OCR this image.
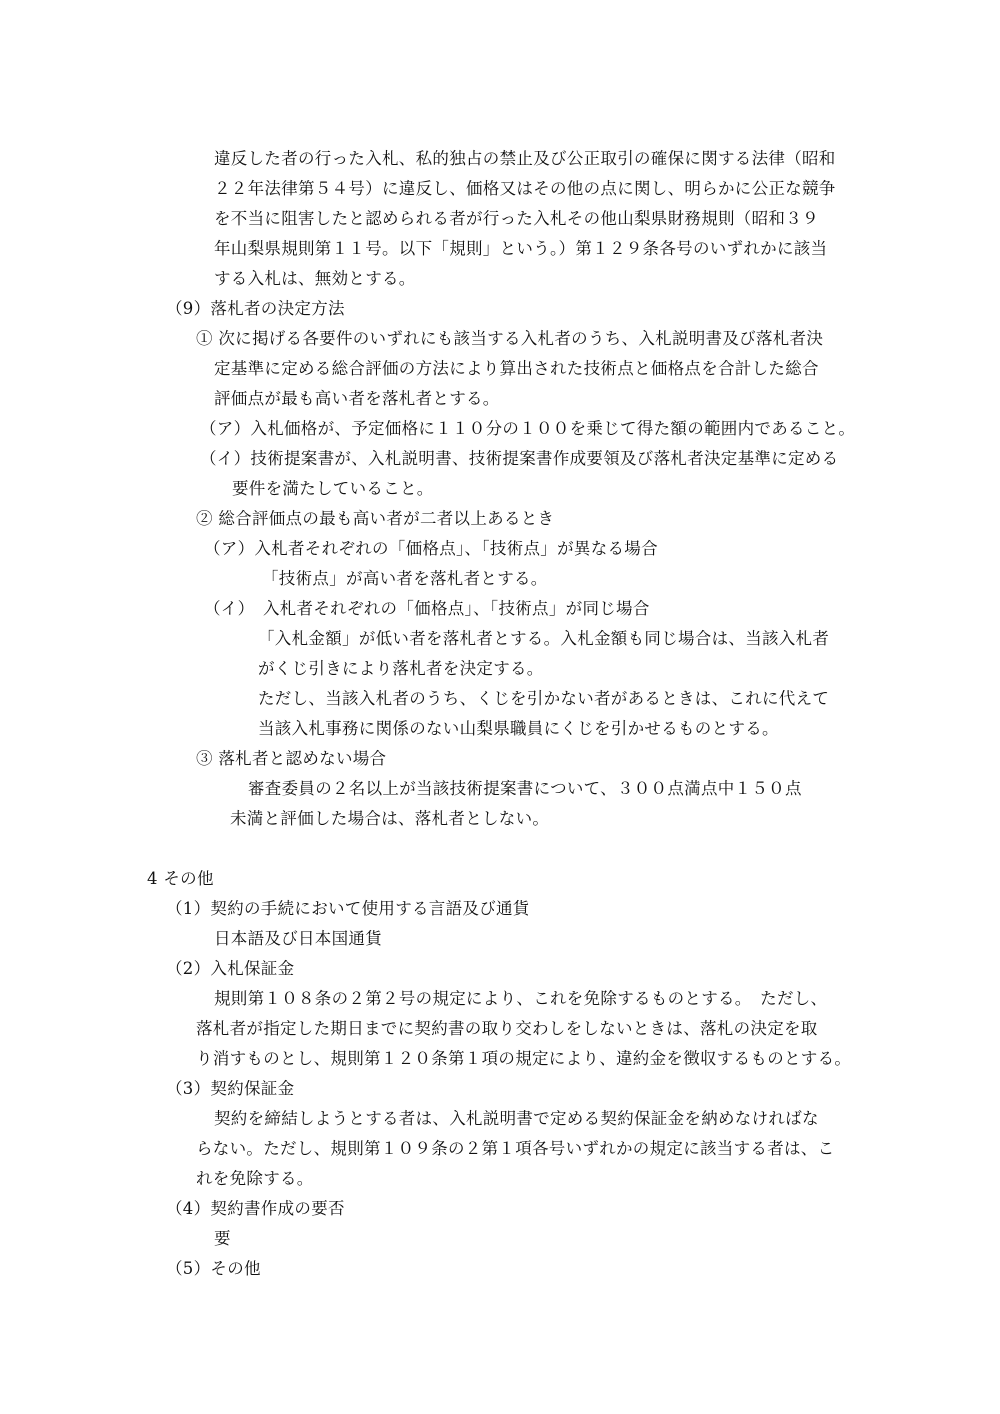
違反した者の行った入札、私的独占の禁止及び公正取引の確保に関する法律（昭和
２２年法律第５４号）に違反し、価格又はその他の点に関し、明らかに公正な競争
を不当に阻害したと認められる者が行った入札その他山梨県財務規則（昭和３９
年山梨県規則第１１号。以下「規則」という。）第１２９条各号のいずれかに該当
する入札は、無効とする。
（9）落札者の決定方法
① 次に掲げる各要件のいずれにも該当する入札者のうち、入札説明書及び落札者決
定基準に定める総合評価の方法により算出された技術点と価格点を合計した総合
評価点が最も高い者を落札者とする。
（ア）入札価格が、予定価格に１１０分の１００を乗じて得た額の範囲内であること。
（イ）技術提案書が、入札説明書、技術提案書作成要領及び落札者決定基準に定める
要件を満たしていること。
② 総合評価点の最も高い者が二者以上あるとき
（ア）入札者それぞれの「価格点」、「技術点」が異なる場合
「技術点」が高い者を落札者とする。
（イ）　入札者それぞれの「価格点」、「技術点」が同じ場合
「入札金額」が低い者を落札者とする。入札金額も同じ場合は、当該入札者
がくじ引きにより落札者を決定する。
ただし、当該入札者のうち、くじを引かない者があるときは、これに代えて
当該入札事務に関係のない山梨県職員にくじを引かせるものとする。
③ 落札者と認めない場合
審査委員の２名以上が当該技術提案書について、３００点満点中１５０点
未満と評価した場合は、落札者としない。
4 その他
（1）契約の手続において使用する言語及び通貨
日本語及び日本国通貨
（2）入札保証金
規則第１０８条の２第２号の規定により、これを免除するものとする。　ただし、
落札者が指定した期日までに契約書の取り交わしをしないときは、落札の決定を取
り消すものとし、規則第１２０条第１項の規定により、違約金を徴収するものとする。
（3）契約保証金
契約を締結しようとする者は、入札説明書で定める契約保証金を納めなければな
らない。ただし、規則第１０９条の２第１項各号いずれかの規定に該当する者は、こ
れを免除する。
（4）契約書作成の要否
要
（5）その他
